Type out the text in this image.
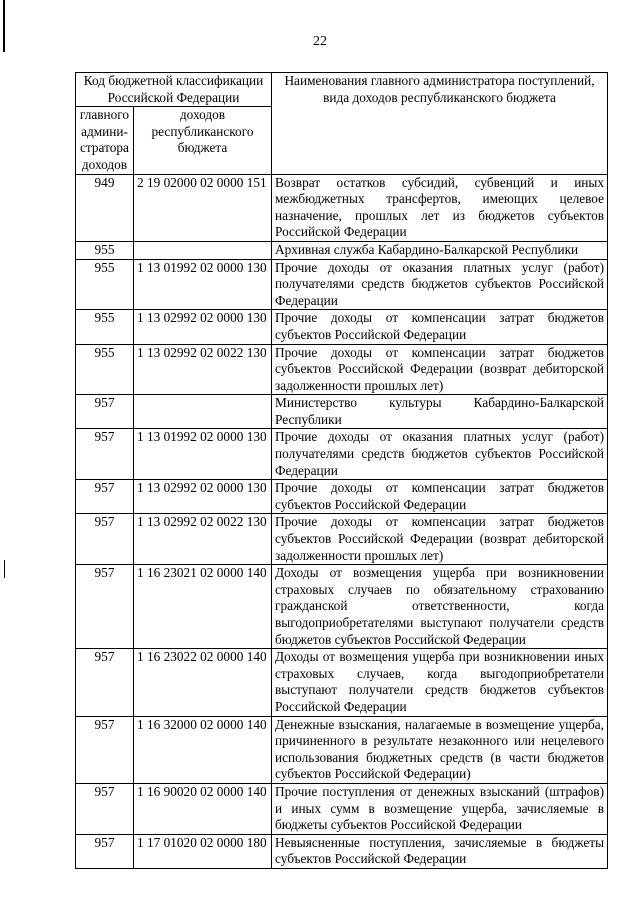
22
Код бюджетной классификации Российской Федерации		Наименования главного администратора поступлений, вида доходов республиканского бюджета
главного
админи-
стратора
доходов	доходов республиканского бюджета	
949	2 19 02000 02 0000 151	Возврат остатков субсидий, субвенций и иных межбюджетных трансфертов, имеющих целевое назначение, прошлых лет из бюджетов субъектов Российской Федерации
955		Архивная служба Кабардино-Балкарской Республики
955	1 13 01992 02 0000 130	Прочие доходы от оказания платных услуг (работ) получателями средств бюджетов субъектов Российской Федерации
955	1 13 02992 02 0000 130	Прочие доходы от компенсации затрат бюджетов субъектов Российской Федерации
955	1 13 02992 02 0022 130	Прочие доходы от компенсации затрат бюджетов субъектов Российской Федерации (возврат дебиторской задолженности прошлых лет)
957		Министерство культуры Кабардино-Балкарской Республики
957	1 13 01992 02 0000 130	Прочие доходы от оказания платных услуг (работ) получателями средств бюджетов субъектов Российской Федерации
957	1 13 02992 02 0000 130	Прочие доходы от компенсации затрат бюджетов субъектов Российской Федерации
957	1 13 02992 02 0022 130	Прочие доходы от компенсации затрат бюджетов субъектов Российской Федерации (возврат дебиторской задолженности прошлых лет)
957	1 16 23021 02 0000 140	Доходы от возмещения ущерба при возникновении страховых случаев по обязательному страхованию гражданской ответственности, когда выгодоприобретателями выступают получатели средств бюджетов субъектов Российской Федерации
957	1 16 23022 02 0000 140	Доходы от возмещения ущерба при возникновении иных страховых случаев, когда выгодоприобретатели выступают получатели средств бюджетов субъектов Российской Федерации
957	1 16 32000 02 0000 140	Денежные взыскания, налагаемые в возмещение ущерба, причиненного в результате незаконного или нецелевого использования бюджетных средств (в части бюджетов субъектов Российской Федерации)
957	1 16 90020 02 0000 140	Прочие поступления от денежных взысканий (штрафов) и иных сумм в возмещение ущерба, зачисляемые в бюджеты субъектов Российской Федерации
957	1 17 01020 02 0000 180	Невыясненные поступления, зачисляемые в бюджеты субъектов Российской Федерации
